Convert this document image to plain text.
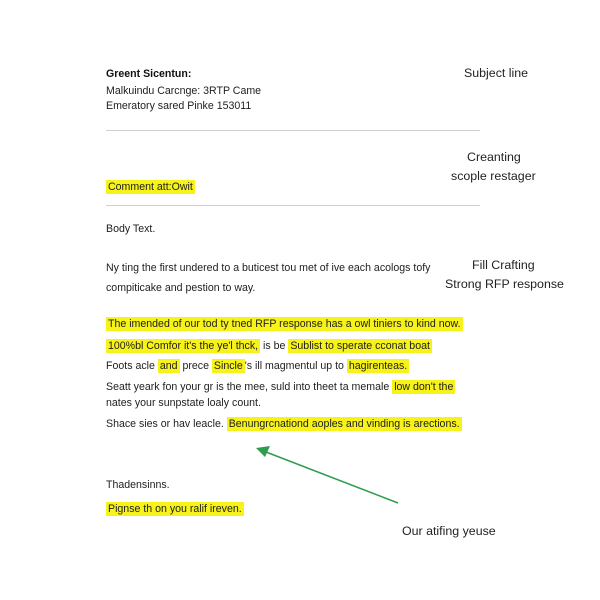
Greent Sicentun:
Malkuindu Carcnge: 3RTP Came
Emeratory sared Pinke 153011
Comment att:Owit
Body Text.
Ny ting the first undered to a buticest tou met of ive each acologs tofy
compiticake and pestion to way.
The imended of our tod ty tned RFP response has a owl tiniers to kind now.
100%bl Comfor it's the ye'l thck, is be Sublist to sperate cconat boat
Foots acle and prece Sincle 's ill magmentul up to hagirenteas.
Seatt yeark fon your gr is the mee, suld into theet ta memale low don't the
nates your sunpstate loaly count.
Shace sies or hav leacle. Benungrcnationd aoples and vinding is arections.
Thadensinns.
Pignse th on you ralif ireven.
Subject line
Creanting
scople restager
Fill Crafting
Strong RFP response
Our atifing yeuse
